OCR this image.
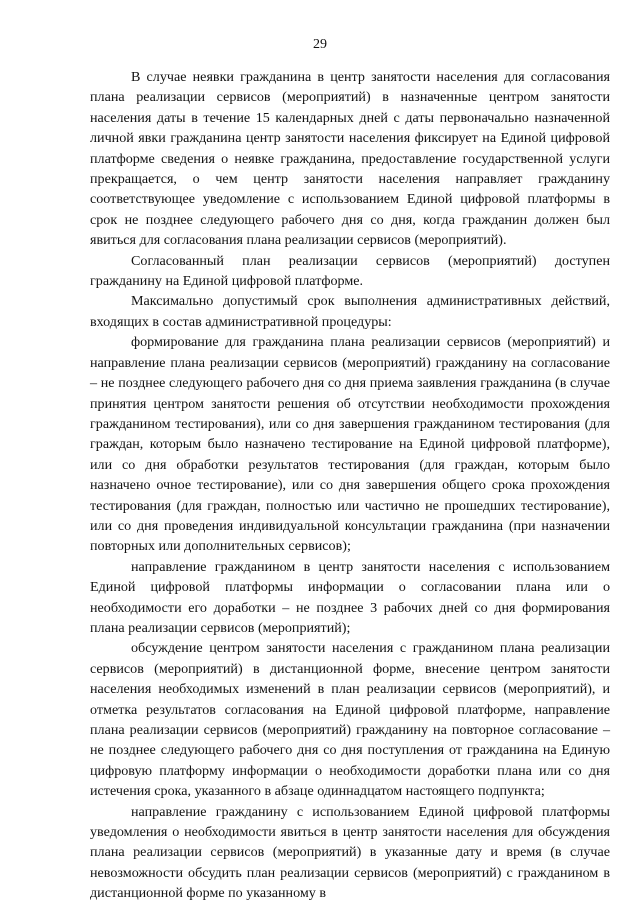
29

В случае неявки гражданина в центр занятости населения для согласования плана реализации сервисов (мероприятий) в назначенные центром занятости населения даты в течение 15 календарных дней с даты первоначально назначенной личной явки гражданина центр занятости населения фиксирует на Единой цифровой платформе сведения о неявке гражданина, предоставление государственной услуги прекращается, о чем центр занятости населения направляет гражданину соответствующее уведомление с использованием Единой цифровой платформы в срок не позднее следующего рабочего дня со дня, когда гражданин должен был явиться для согласования плана реализации сервисов (мероприятий).

Согласованный план реализации сервисов (мероприятий) доступен гражданину на Единой цифровой платформе.

Максимально допустимый срок выполнения административных действий, входящих в состав административной процедуры:

формирование для гражданина плана реализации сервисов (мероприятий) и направление плана реализации сервисов (мероприятий) гражданину на согласование – не позднее следующего рабочего дня со дня приема заявления гражданина (в случае принятия центром занятости решения об отсутствии необходимости прохождения гражданином тестирования), или со дня завершения гражданином тестирования (для граждан, которым было назначено тестирование на Единой цифровой платформе), или со дня обработки результатов тестирования (для граждан, которым было назначено очное тестирование), или со дня завершения общего срока прохождения тестирования (для граждан, полностью или частично не прошедших тестирование), или со дня проведения индивидуальной консультации гражданина (при назначении повторных или дополнительных сервисов);

направление гражданином в центр занятости населения с использованием Единой цифровой платформы информации о согласовании плана или о необходимости его доработки – не позднее 3 рабочих дней со дня формирования плана реализации сервисов (мероприятий);

обсуждение центром занятости населения с гражданином плана реализации сервисов (мероприятий) в дистанционной форме, внесение центром занятости населения необходимых изменений в план реализации сервисов (мероприятий), и отметка результатов согласования на Единой цифровой платформе, направление плана реализации сервисов (мероприятий) гражданину на повторное согласование – не позднее следующего рабочего дня со дня поступления от гражданина на Единую цифровую платформу информации о необходимости доработки плана или со дня истечения срока, указанного в абзаце одиннадцатом настоящего подпункта;

направление гражданину с использованием Единой цифровой платформы уведомления о необходимости явиться в центр занятости населения для обсуждения плана реализации сервисов (мероприятий) в указанные дату и время (в случае невозможности обсудить план реализации сервисов (мероприятий) с гражданином в дистанционной форме по указанному в
